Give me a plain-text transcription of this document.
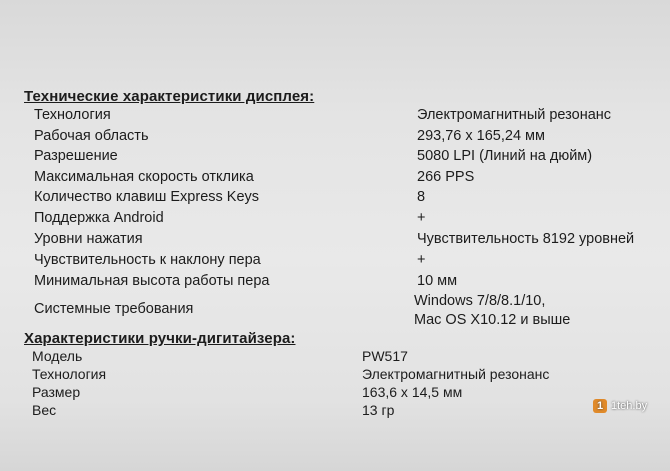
Технические характеристики дисплея:
Технология	Электромагнитный резонанс
Рабочая область	293,76 х 165,24 мм
Разрешение	5080 LPI (Линий на дюйм)
Максимальная скорость отклика	266 PPS
Количество клавиш Express Keys	8
Поддержка Android	+
Уровни нажатия	Чувствительность 8192 уровней
Чувствительность к наклону пера	+
Минимальная высота работы пера	10 мм
Системные требования	Windows 7/8/8.1/10,
Mac OS X10.12 и выше
Характеристики ручки-дигитайзера:
Модель	PW517
Технология	Электромагнитный резонанс
Размер	163,6 х 14,5 мм
Вес	13 гр	1 1teh.by
